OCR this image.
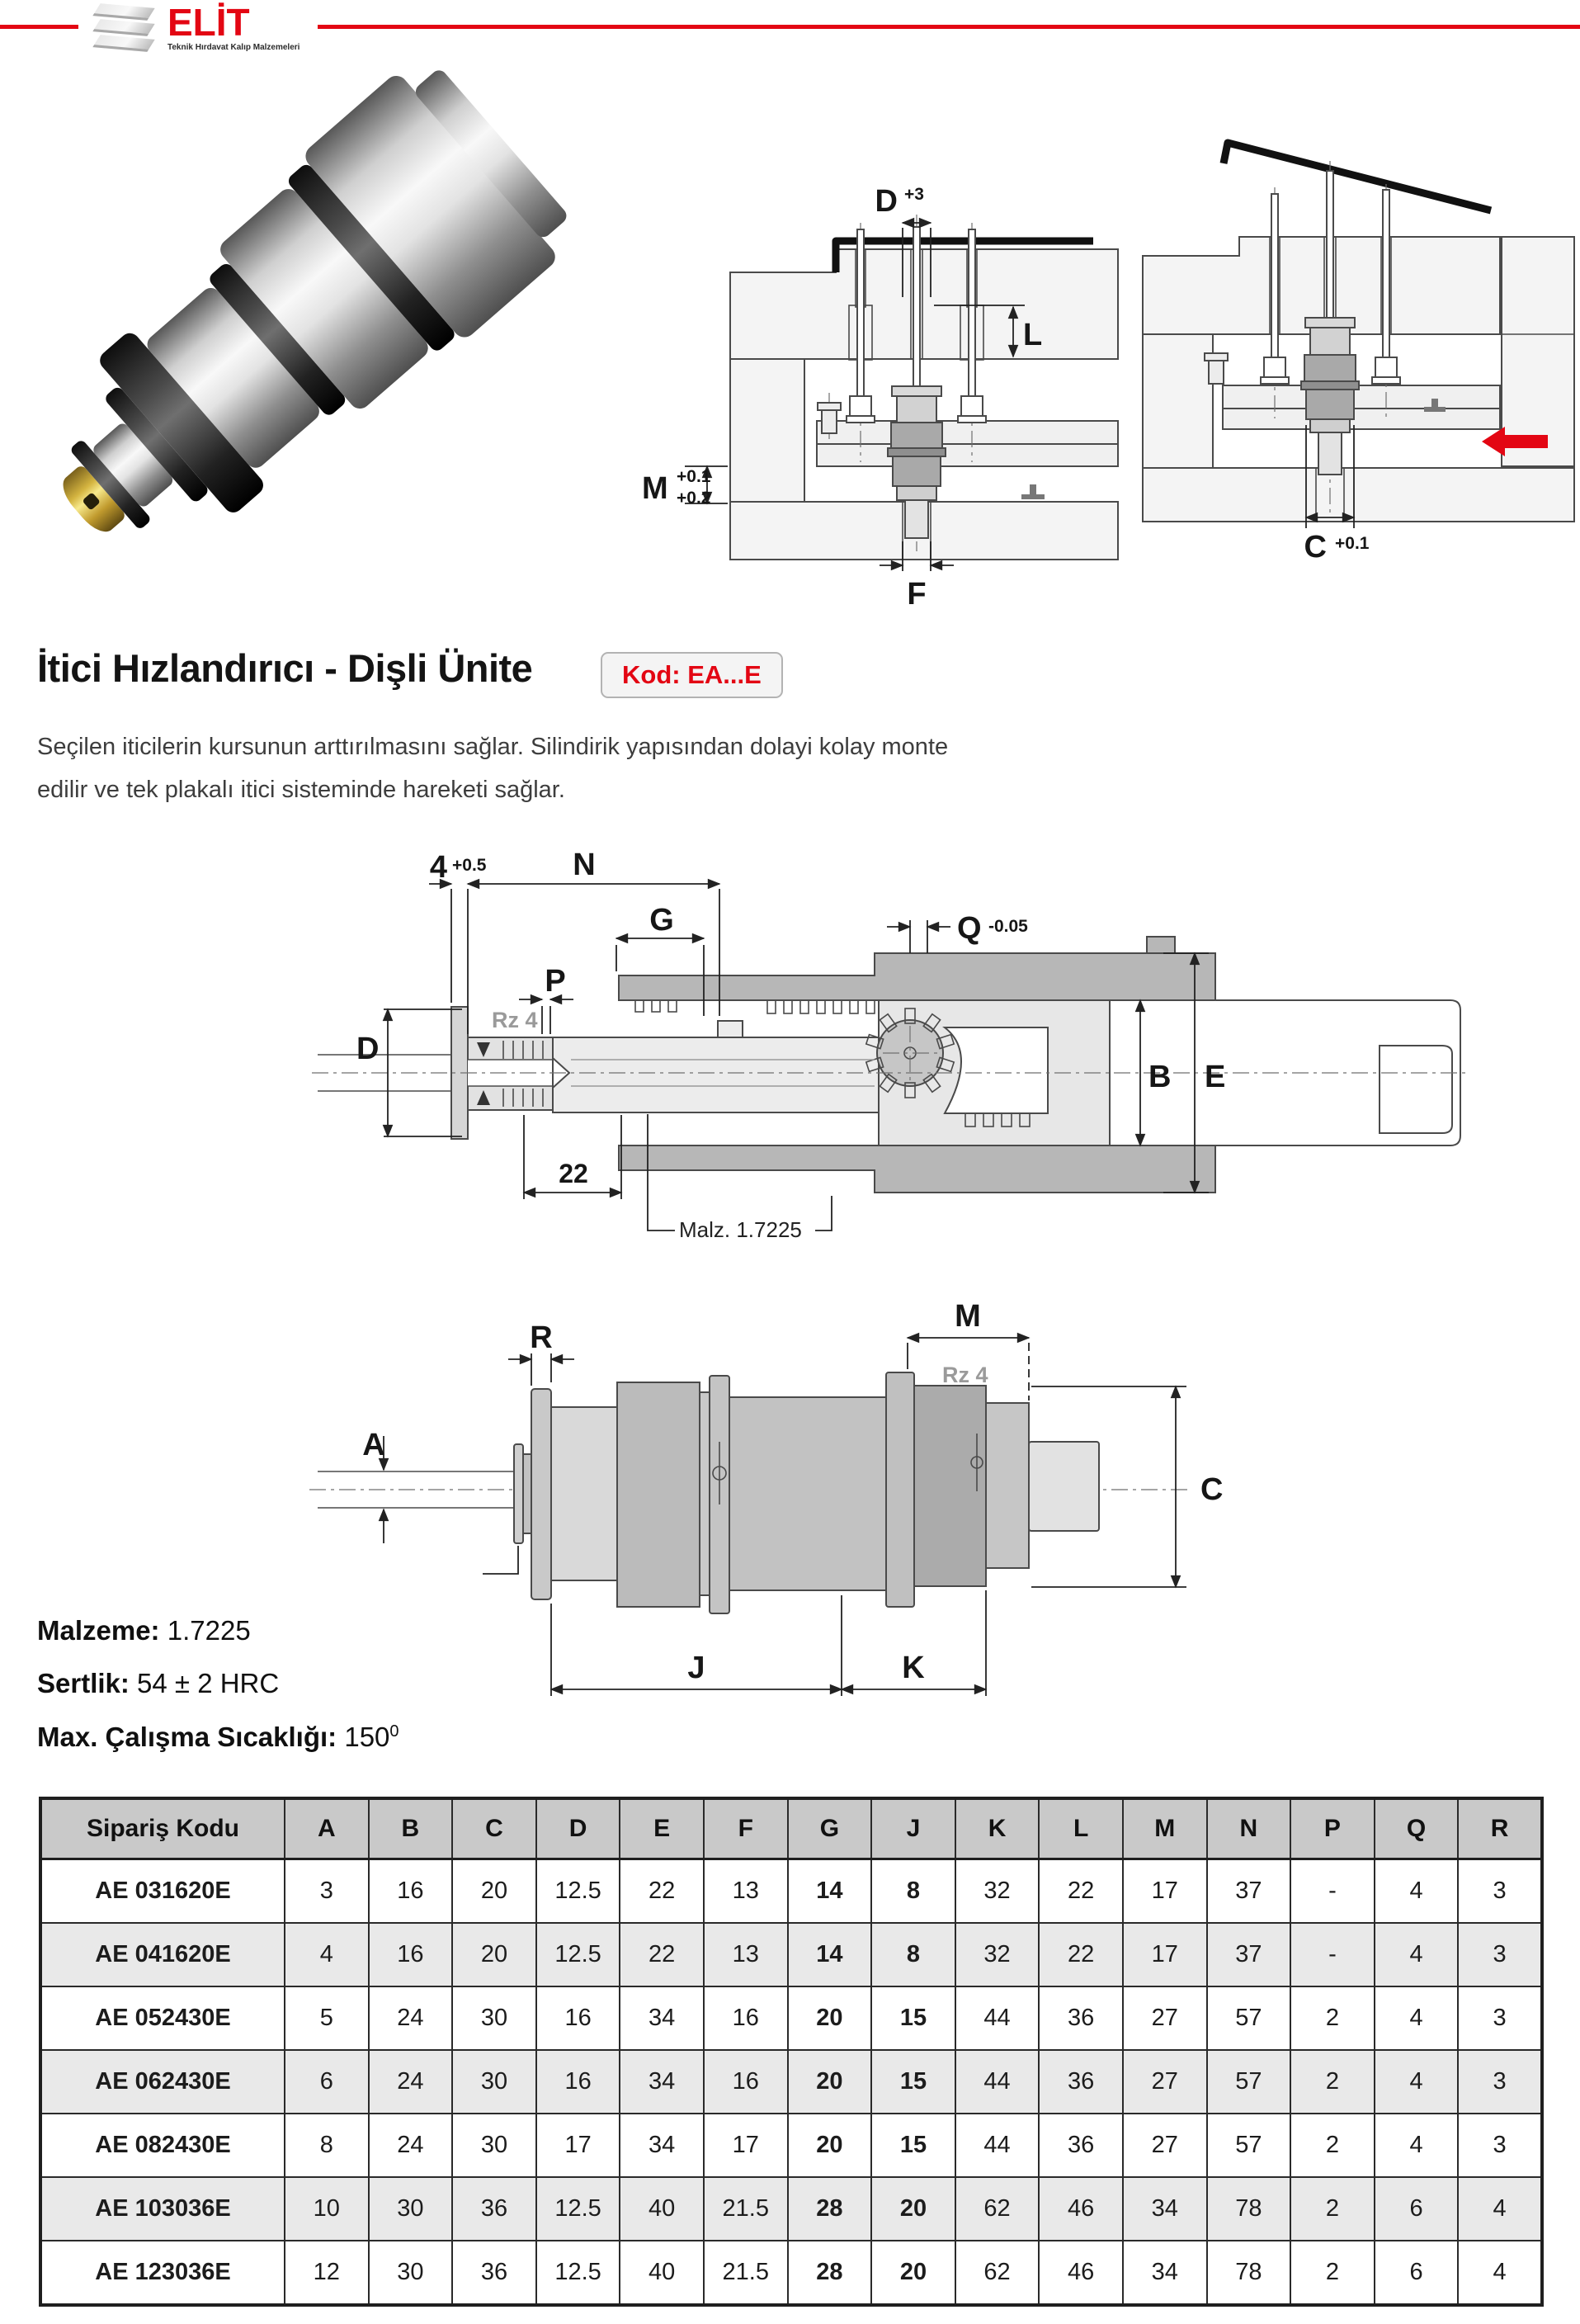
ELİT
Teknik Hırdavat Kalıp Malzemeleri
D +3
L
M +0.1
+0.2
F
C +0.1
İtici Hızlandırıcı - Dişli Ünite	Kod: EA...E
Seçilen iticilerin kursunun arttırılmasını sağlar. Silindirik yapısından dolayi kolay monte
edilir ve tek plakalı itici sisteminde hareketi sağlar.
4 +0.5	N
G	Q -0.05
P
Rz 4
D
B E
22
Malz. 1.7225
A
R
M
Rz 4
C
J	K
Malzeme: 1.7225
Sertlik: 54 ± 2 HRC
Max. Çalışma Sıcaklığı: $150^0$
Sipariş Kodu	A	B	C	D	E	F	G	J	K	L	M	N	P	Q	R
AE 031620E	3	16	20	12.5	22	13	14	8	32	22	17	37	-	4	3
AE 041620E	4	16	20	12.5	22	13	14	8	32	22	17	37	-	4	3
AE 052430E	5	24	30	16	34	16	20	15	44	36	27	57	2	4	3
AE 062430E	6	24	30	16	34	16	20	15	44	36	27	57	2	4	3
AE 082430E	8	24	30	17	34	17	20	15	44	36	27	57	2	4	3
AE 103036E	10	30	36	12.5	40	21.5	28	20	62	46	34	78	2	6	4
AE 123036E	12	30	36	12.5	40	21.5	28	20	62	46	34	78	2	6	4
